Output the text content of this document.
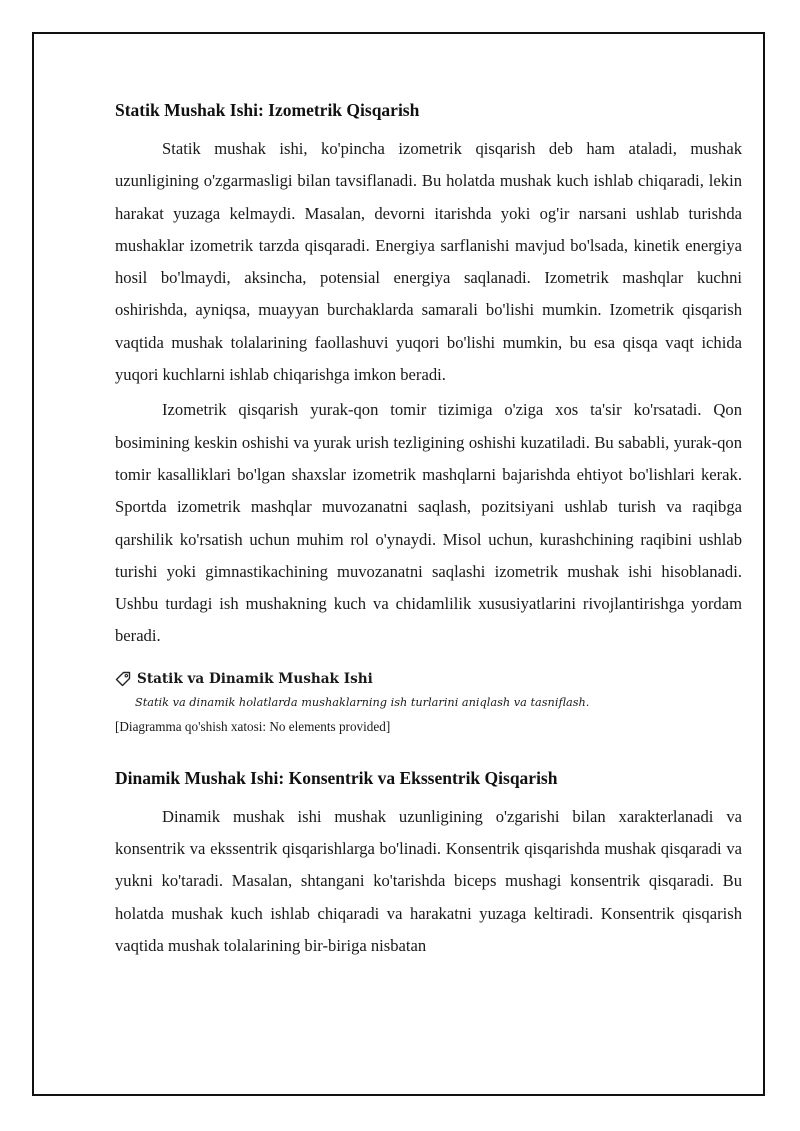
Statik Mushak Ishi: Izometrik Qisqarish

Statik mushak ishi, ko'pincha izometrik qisqarish deb ham ataladi, mushak uzunligining o'zgarmasligi bilan tavsiflanadi. Bu holatda mushak kuch ishlab chiqaradi, lekin harakat yuzaga kelmaydi. Masalan, devorni itarishda yoki og'ir narsani ushlab turishda mushaklar izometrik tarzda qisqaradi. Energiya sarflanishi mavjud bo'lsada, kinetik energiya hosil bo'lmaydi, aksincha, potensial energiya saqlanadi. Izometrik mashqlar kuchni oshirishda, ayniqsa, muayyan burchaklarda samarali bo'lishi mumkin. Izometrik qisqarish vaqtida mushak tolalarining faollashuvi yuqori bo'lishi mumkin, bu esa qisqa vaqt ichida yuqori kuchlarni ishlab chiqarishga imkon beradi.

Izometrik qisqarish yurak-qon tomir tizimiga o'ziga xos ta'sir ko'rsatadi. Qon bosimining keskin oshishi va yurak urish tezligining oshishi kuzatiladi. Bu sababli, yurak-qon tomir kasalliklari bo'lgan shaxslar izometrik mashqlarni bajarishda ehtiyot bo'lishlari kerak. Sportda izometrik mashqlar muvozanatni saqlash, pozitsiyani ushlab turish va raqibga qarshilik ko'rsatish uchun muhim rol o'ynaydi. Misol uchun, kurashchining raqibini ushlab turishi yoki gimnastikachining muvozanatni saqlashi izometrik mushak ishi hisoblanadi. Ushbu turdagi ish mushakning kuch va chidamlilik xususiyatlarini rivojlantirishga yordam beradi.

Statik va Dinamik Mushak Ishi
Statik va dinamik holatlarda mushaklarning ish turlarini aniqlash va tasniflash.
[Diagramma qo'shish xatosi: No elements provided]
Dinamik Mushak Ishi: Konsentrik va Ekssentrik Qisqarish

Dinamik mushak ishi mushak uzunligining o'zgarishi bilan xarakterlanadi va konsentrik va ekssentrik qisqarishlarga bo'linadi. Konsentrik qisqarishda mushak qisqaradi va yukni ko'taradi. Masalan, shtangani ko'tarishda biceps mushagi konsentrik qisqaradi. Bu holatda mushak kuch ishlab chiqaradi va harakatni yuzaga keltiradi. Konsentrik qisqarish vaqtida mushak tolalarining bir-biriga nisbatan
